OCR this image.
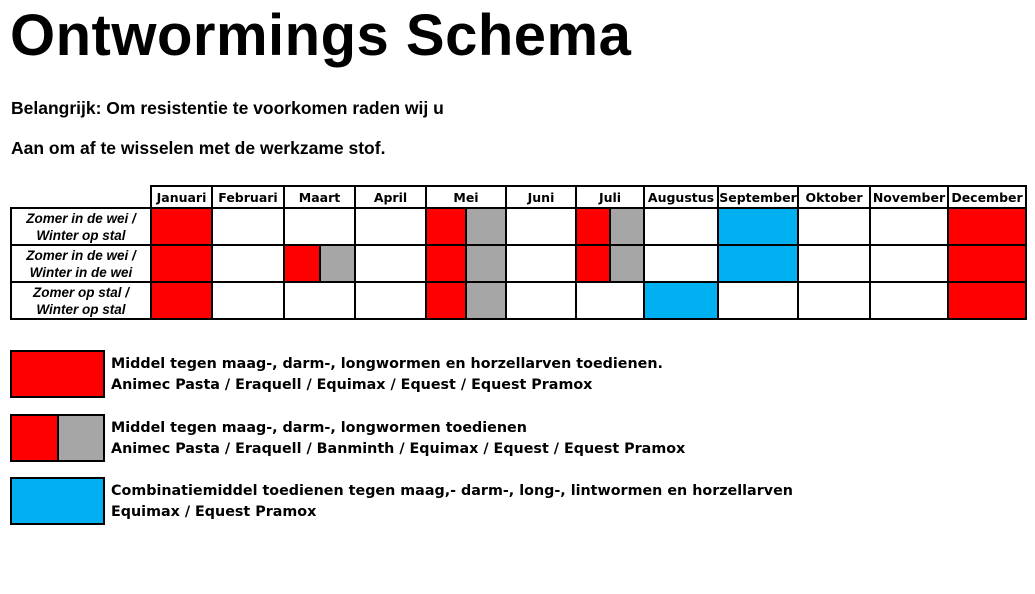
Ontwormings Schema
Belangrijk: Om resistentie te voorkomen raden wij u
Aan om af te wisselen met de werkzame stof.
	Januari	Februari	Maart	April	Mei	Juni	Juli	Augustus	September	Oktober	November	December

Zomer in de wei /
Winter op stal												

Zomer in de wei /
Winter in de wei												

Zomer op stal /
Winter op stal												

Middel tegen maag-, darm-, longwormen en horzellarven toedienen.
Animec Pasta / Eraquell / Equimax / Equest / Equest Pramox
Middel tegen maag-, darm-, longwormen toedienen
Animec Pasta / Eraquell / Banminth / Equimax / Equest / Equest Pramox
Combinatiemiddel toedienen tegen maag,- darm-, long-, lintwormen en horzellarven
Equimax / Equest Pramox
